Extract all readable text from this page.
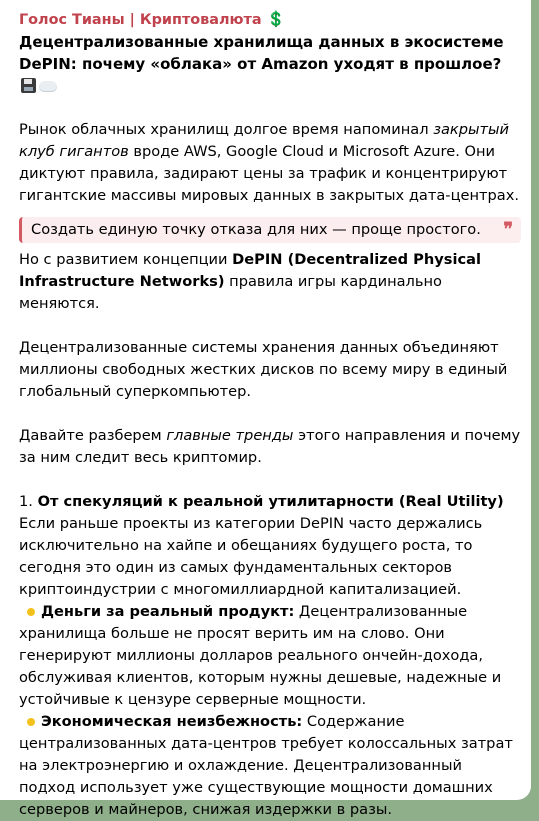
Голос Тианы | Криптовалюта 💲
Децентрализованные хранилища данных в экосистеме DePIN: почему «облака» от Amazon уходят в прошлое?

Рынок облачных хранилищ долгое время напоминал закрытый клуб гигантов вроде AWS, Google Cloud и Microsoft Azure. Они диктуют правила, задирают цены за трафик и концентрируют гигантские массивы мировых данных в закрытых дата-центрах.

Создать единую точку отказа для них — проще простого. ❞

Но с развитием концепции DePIN (Decentralized Physical Infrastructure Networks) правила игры кардинально меняются.

Децентрализованные системы хранения данных объединяют миллионы свободных жестких дисков по всему миру в единый глобальный суперкомпьютер.

Давайте разберем главные тренды этого направления и почему за ним следит весь криптомир.

1. От спекуляций к реальной утилитарности (Real Utility)

Если раньше проекты из категории DePIN часто держались исключительно на хайпе и обещаниях будущего роста, то сегодня это один из самых фундаментальных секторов криптоиндустрии с многомиллиардной капитализацией.

Деньги за реальный продукт: Децентрализованные хранилища больше не просят верить им на слово. Они генерируют миллионы долларов реального ончейн-дохода, обслуживая клиентов, которым нужны дешевые, надежные и устойчивые к цензуре серверные мощности.

Экономическая неизбежность: Содержание централизованных дата-центров требует колоссальных затрат на электроэнергию и охлаждение. Децентрализованный подход использует уже существующие мощности домашних серверов и майнеров, снижая издержки в разы.
